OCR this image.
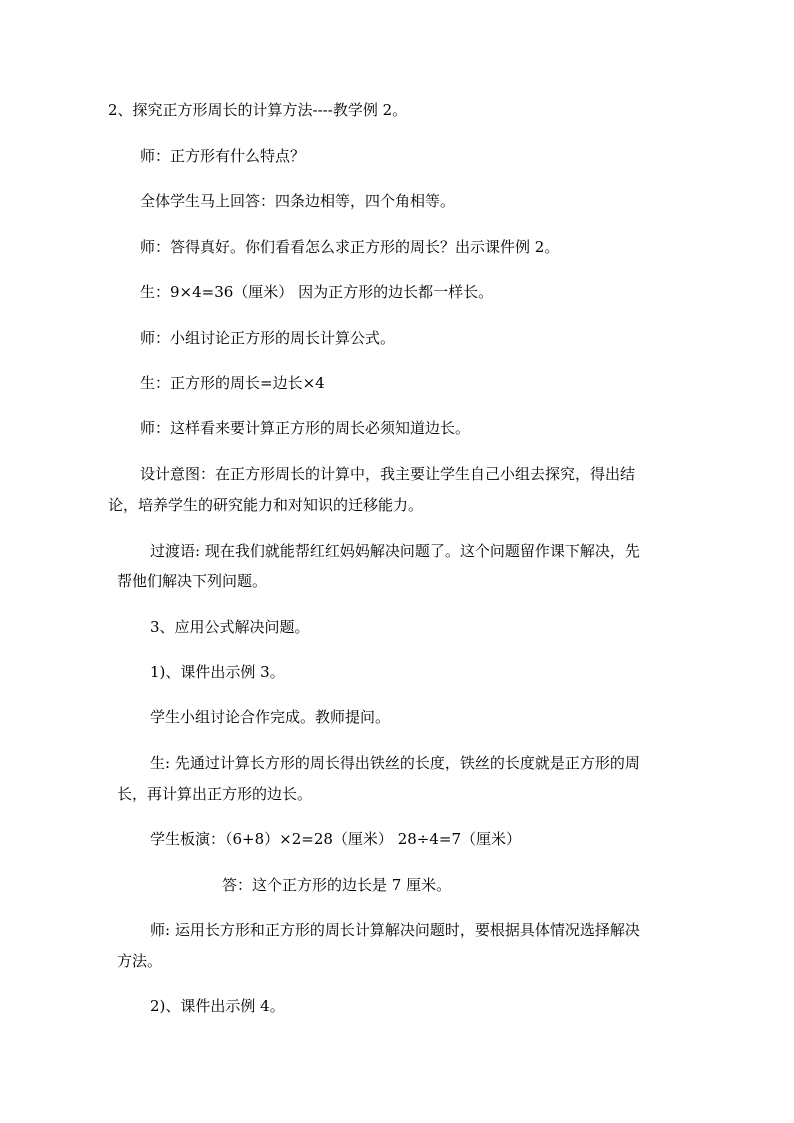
2、探究正方形周长的计算方法----教学例 2。
师：正方形有什么特点？
全体学生马上回答：四条边相等，四个角相等。
师：答得真好。你们看看怎么求正方形的周长？出示课件例 2。
生：9×4=36（厘米） 因为正方形的边长都一样长。
师：小组讨论正方形的周长计算公式。
生：正方形的周长=边长×4
师：这样看来要计算正方形的周长必须知道边长。
设计意图：在正方形周长的计算中，我主要让学生自己小组去探究，得出结
论，培养学生的研究能力和对知识的迁移能力。
过渡语: 现在我们就能帮红红妈妈解决问题了。这个问题留作课下解决，先
帮他们解决下列问题。
3、应用公式解决问题。
1)、课件出示例 3。
学生小组讨论合作完成。教师提问。
生: 先通过计算长方形的周长得出铁丝的长度，铁丝的长度就是正方形的周
长，再计算出正方形的边长。
学生板演：（6+8）×2=28（厘米） 28÷4=7（厘米）
答：这个正方形的边长是 7 厘米。
师: 运用长方形和正方形的周长计算解决问题时，要根据具体情况选择解决
方法。
2)、课件出示例 4。
